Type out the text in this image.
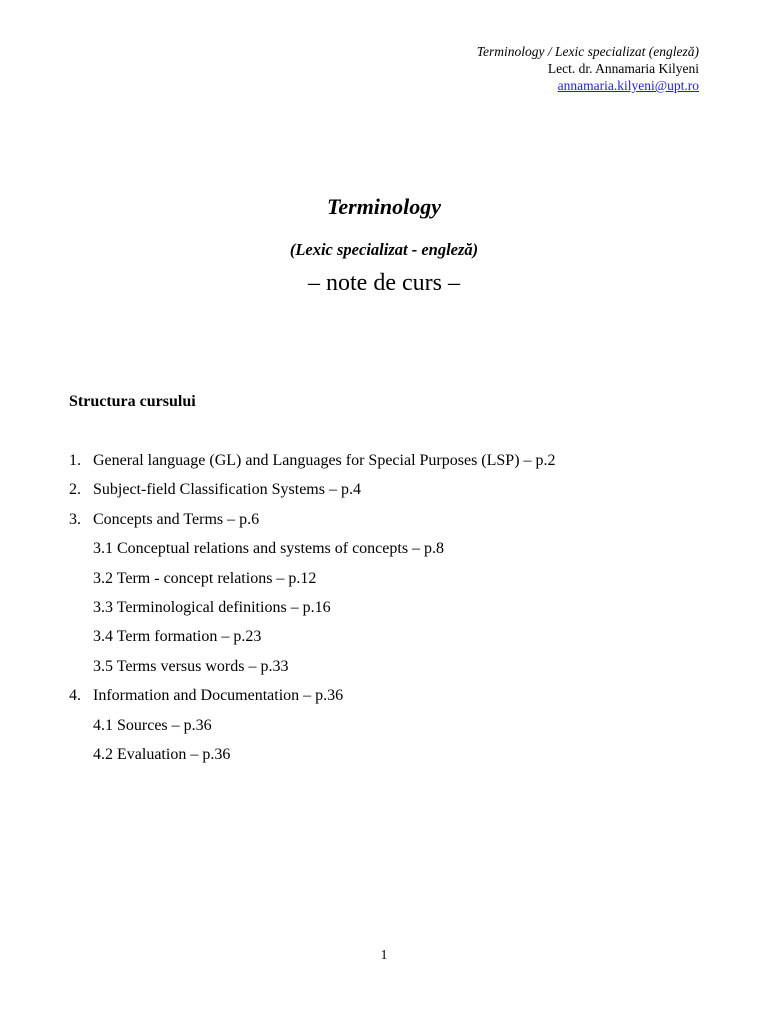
Terminology / Lexic specializat (engleză)
Lect. dr. Annamaria Kilyeni
annamaria.kilyeni@upt.ro
Terminology
(Lexic specializat - engleză)
– note de curs –
Structura cursului
1. General language (GL) and Languages for Special Purposes (LSP) – p.2
2. Subject-field Classification Systems – p.4
3. Concepts and Terms – p.6
3.1 Conceptual relations and systems of concepts – p.8
3.2 Term - concept relations – p.12
3.3 Terminological definitions – p.16
3.4 Term formation – p.23
3.5 Terms versus words – p.33
4. Information and Documentation – p.36
4.1 Sources – p.36
4.2 Evaluation – p.36
1
